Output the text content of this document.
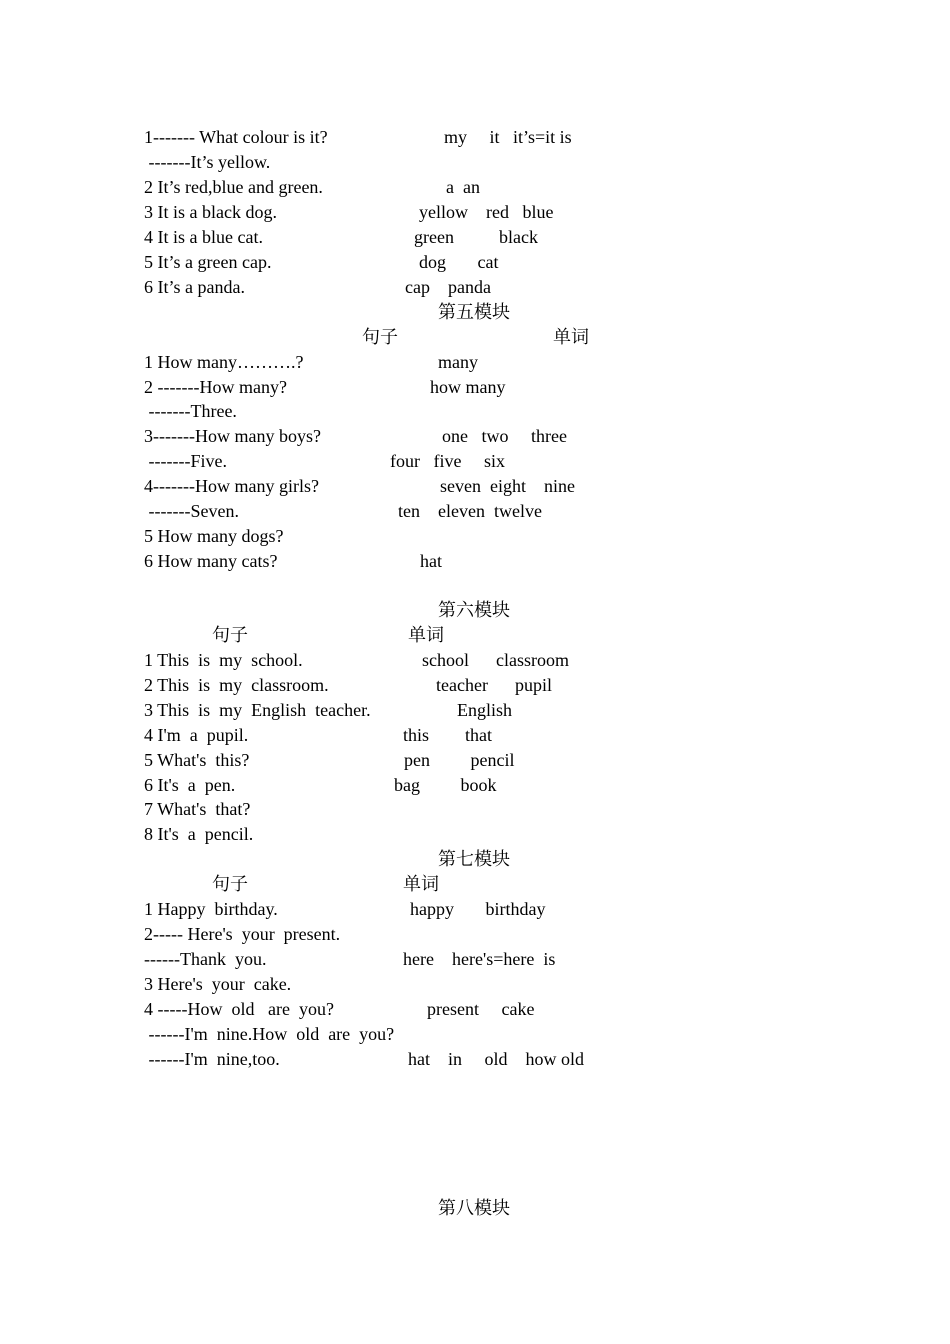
1------- What colour is it?	my     it   it’s=it is
-------It’s yellow.
2 It’s red,blue and green.	a  an
3 It is a black dog.	yellow    red   blue
4 It is a blue cat.	green          black
5 It’s a green cap.	dog       cat
6 It’s a panda.	cap    panda
第五模块
句子	单词
1 How many……….?	many
2 -------How many?	how many
-------Three.
3-------How many boys?	one   two     three
-------Five.	four   five     six
4-------How many girls?	seven  eight    nine
-------Seven.	ten    eleven  twelve
5 How many dogs?
6 How many cats?	hat
第六模块
句子	单词
1 This  is  my  school.	school      classroom
2 This  is  my  classroom.	teacher      pupil
3 This  is  my  English  teacher.	English
4 I'm  a  pupil.	this        that
5 What's  this?	pen         pencil
6 It's  a  pen.	bag         book
7 What's  that?
8 It's  a  pencil.
第七模块
句子	单词
1 Happy  birthday.	happy       birthday
2----- Here's  your  present.
------Thank  you.	here    here's=here  is
3 Here's  your  cake.
4 -----How  old   are  you?	present     cake
------I'm  nine.How  old  are  you?
------I'm  nine,too.	hat    in     old    how old
第八模块
